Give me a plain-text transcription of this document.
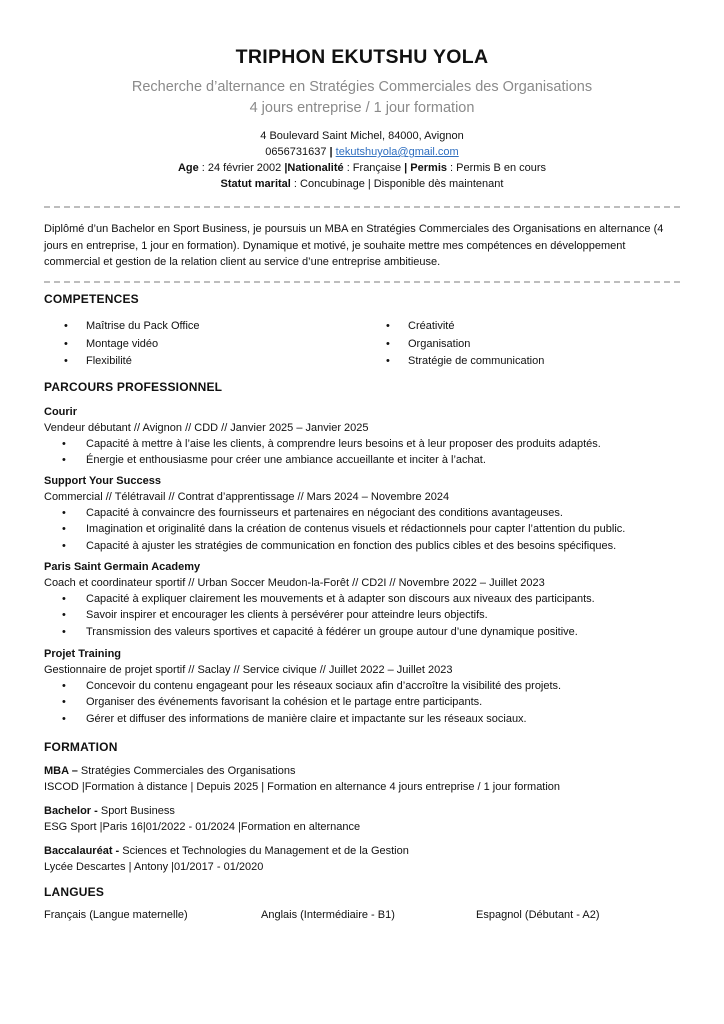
TRIPHON EKUTSHU YOLA
Recherche d’alternance en Stratégies Commerciales des Organisations
4 jours entreprise / 1 jour formation
4 Boulevard Saint Michel, 84000, Avignon
0656731637 | tekutshuyola@gmail.com
Age : 24 février 2002 |Nationalité : Française | Permis : Permis B en cours
Statut marital : Concubinage | Disponible dès maintenant
Diplômé d’un Bachelor en Sport Business, je poursuis un MBA en Stratégies Commerciales des Organisations en alternance (4 jours en entreprise, 1 jour en formation). Dynamique et motivé, je souhaite mettre mes compétences en développement commercial et gestion de la relation client au service d’une entreprise ambitieuse.
COMPETENCES
• Maîtrise du Pack Office
• Montage vidéo
• Flexibilité
• Créativité
• Organisation
• Stratégie de communication
PARCOURS PROFESSIONNEL
Courir
Vendeur débutant // Avignon // CDD // Janvier 2025 – Janvier 2025
• Capacité à mettre à l’aise les clients, à comprendre leurs besoins et à leur proposer des produits adaptés.
• Énergie et enthousiasme pour créer une ambiance accueillante et inciter à l’achat.
Support Your Success
Commercial // Télétravail // Contrat d’apprentissage // Mars 2024 – Novembre 2024
• Capacité à convaincre des fournisseurs et partenaires en négociant des conditions avantageuses.
• Imagination et originalité dans la création de contenus visuels et rédactionnels pour capter l’attention du public.
• Capacité à ajuster les stratégies de communication en fonction des publics cibles et des besoins spécifiques.
Paris Saint Germain Academy
Coach et coordinateur sportif // Urban Soccer Meudon-la-Forêt // CD2I // Novembre 2022 – Juillet 2023
• Capacité à expliquer clairement les mouvements et à adapter son discours aux niveaux des participants.
• Savoir inspirer et encourager les clients à persévérer pour atteindre leurs objectifs.
• Transmission des valeurs sportives et capacité à fédérer un groupe autour d’une dynamique positive.
Projet Training
Gestionnaire de projet sportif // Saclay // Service civique // Juillet 2022 – Juillet 2023
• Concevoir du contenu engageant pour les réseaux sociaux afin d’accroître la visibilité des projets.
• Organiser des événements favorisant la cohésion et le partage entre participants.
• Gérer et diffuser des informations de manière claire et impactante sur les réseaux sociaux.
FORMATION
MBA – Stratégies Commerciales des Organisations
ISCOD |Formation à distance | Depuis 2025 | Formation en alternance 4 jours entreprise / 1 jour formation
Bachelor - Sport Business
ESG Sport |Paris 16|01/2022 - 01/2024 |Formation en alternance
Baccalauréat - Sciences et Technologies du Management et de la Gestion
Lycée Descartes | Antony |01/2017 - 01/2020
LANGUES
Français (Langue maternelle)	Anglais (Intermédiaire - B1)	Espagnol (Débutant - A2)
